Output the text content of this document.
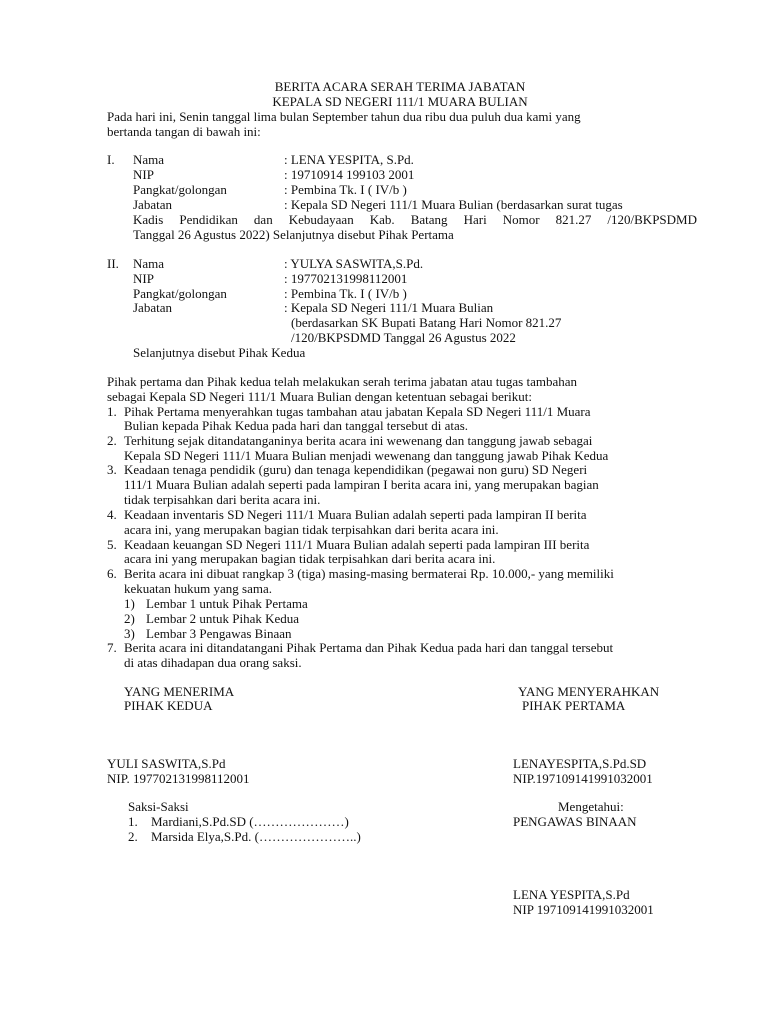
BERITA ACARA SERAH TERIMA JABATAN
KEPALA SD NEGERI 111/1 MUARA BULIAN
Pada hari ini, Senin tanggal lima bulan September tahun dua ribu dua puluh dua kami yang
bertanda tangan di bawah ini:
I. Nama
NIP
Pangkat/golongan
Jabatan
: LENA YESPITA, S.Pd.
: 19710914 199103 2001
: Pembina Tk. I ( IV/b )
: Kepala SD Negeri 111/1 Muara Bulian (berdasarkan surat tugas
Kadis Pendidikan dan Kebudayaan Kab. Batang Hari Nomor 821.27 /120/BKPSDMD
Tanggal 26 Agustus 2022) Selanjutnya disebut Pihak Pertama
II. Nama
NIP
Pangkat/golongan
Jabatan
: YULYA SASWITA,S.Pd.
: 197702131998112001
: Pembina Tk. I ( IV/b )
: Kepala SD Negeri 111/1 Muara Bulian
(berdasarkan SK Bupati Batang Hari Nomor 821.27
/120/BKPSDMD Tanggal 26 Agustus 2022
Selanjutnya disebut Pihak Kedua
Pihak pertama dan Pihak kedua telah melakukan serah terima jabatan atau tugas tambahan
sebagai Kepala SD Negeri 111/1 Muara Bulian dengan ketentuan sebagai berikut:
1. Pihak Pertama menyerahkan tugas tambahan atau jabatan Kepala SD Negeri 111/1 Muara
Bulian kepada Pihak Kedua pada hari dan tanggal tersebut di atas.
2. Terhitung sejak ditandatanganinya berita acara ini wewenang dan tanggung jawab sebagai
Kepala SD Negeri 111/1 Muara Bulian menjadi wewenang dan tanggung jawab Pihak Kedua
3. Keadaan tenaga pendidik (guru) dan tenaga kependidikan (pegawai non guru) SD Negeri
111/1 Muara Bulian adalah seperti pada lampiran I berita acara ini, yang merupakan bagian
tidak terpisahkan dari berita acara ini.
4. Keadaan inventaris SD Negeri 111/1 Muara Bulian adalah seperti pada lampiran II berita
acara ini, yang merupakan bagian tidak terpisahkan dari berita acara ini.
5. Keadaan keuangan SD Negeri 111/1 Muara Bulian adalah seperti pada lampiran III berita
acara ini yang merupakan bagian tidak terpisahkan dari berita acara ini.
6. Berita acara ini dibuat rangkap 3 (tiga) masing-masing bermaterai Rp. 10.000,- yang memiliki
kekuatan hukum yang sama.
1) Lembar 1 untuk Pihak Pertama
2) Lembar 2 untuk Pihak Kedua
3) Lembar 3 Pengawas Binaan
7. Berita acara ini ditandatangani Pihak Pertama dan Pihak Kedua pada hari dan tanggal tersebut
di atas dihadapan dua orang saksi.
YANG MENERIMA
PIHAK KEDUA
YANG MENYERAHKAN
PIHAK PERTAMA
YULI SASWITA,S.Pd
NIP. 197702131998112001
LENAYESPITA,S.Pd.SD
NIP.197109141991032001
Saksi-Saksi
1. Mardiani,S.Pd.SD (…………………)
2. Marsida Elya,S.Pd. (…………………..)
Mengetahui:
PENGAWAS BINAAN
LENA YESPITA,S.Pd
NIP 197109141991032001
